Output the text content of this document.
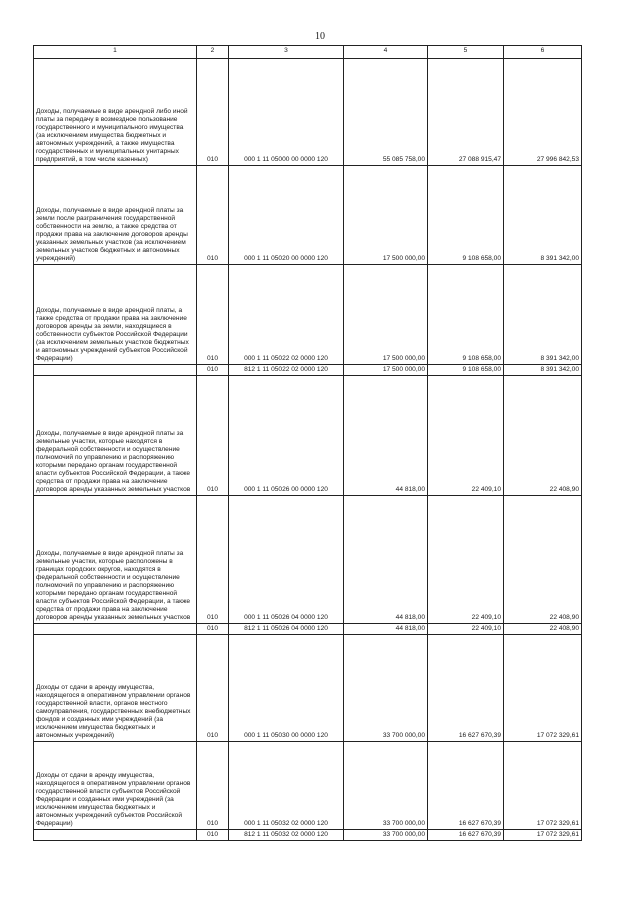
10
1	2	3	4	5	6

Доходы, получаемые в виде арендной либо иной платы за передачу в возмездное пользование государственного и муниципального имущества (за исключением имущества бюджетных и автономных учреждений, а также имущества государственных и муниципальных унитарных предприятий, в том числе казенных)	010	000 1 11 05000 00 0000 120	55 085 758,00	27 088 915,47	27 996 842,53

Доходы, получаемые в виде арендной платы за земли после разграничения государственной собственности на землю, а также средства от продажи права на заключение договоров аренды указанных земельных участков (за исключением земельных участков бюджетных и автономных учреждений)	010	000 1 11 05020 00 0000 120	17 500 000,00	9 108 658,00	8 391 342,00

Доходы, получаемые в виде арендной платы, а также средства от продажи права на заключение договоров аренды за земли, находящиеся в собственности субъектов Российской Федерации (за исключением земельных участков бюджетных и автономных учреждений субъектов Российской Федерации)	010	000 1 11 05022 02 0000 120	17 500 000,00	9 108 658,00	8 391 342,00

	010	812 1 11 05022 02 0000 120	17 500 000,00	9 108 658,00	8 391 342,00

Доходы, получаемые в виде арендной платы за земельные участки, которые находятся в федеральной собственности и осуществление полномочий по управлению и распоряжению которыми передано органам государственной власти субъектов Российской Федерации, а также средства от продажи права на заключение договоров аренды указанных земельных участков	010	000 1 11 05026 00 0000 120	44 818,00	22 409,10	22 408,90

Доходы, получаемые в виде арендной платы за земельные участки, которые расположены в границах городских округов, находятся в федеральной собственности и осуществление полномочий по управлению и распоряжению которыми передано органам государственной власти субъектов Российской Федерации, а также средства от продажи права на заключение договоров аренды указанных земельных участков	010	000 1 11 05026 04 0000 120	44 818,00	22 409,10	22 408,90

	010	812 1 11 05026 04 0000 120	44 818,00	22 409,10	22 408,90

Доходы от сдачи в аренду имущества, находящегося в оперативном управлении органов государственной власти, органов местного самоуправления, государственных внебюджетных фондов и созданных ими учреждений (за исключением имущества бюджетных и автономных учреждений)	010	000 1 11 05030 00 0000 120	33 700 000,00	16 627 670,39	17 072 329,61

Доходы от сдачи в аренду имущества, находящегося в оперативном управлении органов государственной власти субъектов Российской Федерации и созданных ими учреждений (за исключением имущества бюджетных и автономных учреждений субъектов Российской Федерации)	010	000 1 11 05032 02 0000 120	33 700 000,00	16 627 670,39	17 072 329,61

	010	812 1 11 05032 02 0000 120	33 700 000,00	16 627 670,39	17 072 329,61
